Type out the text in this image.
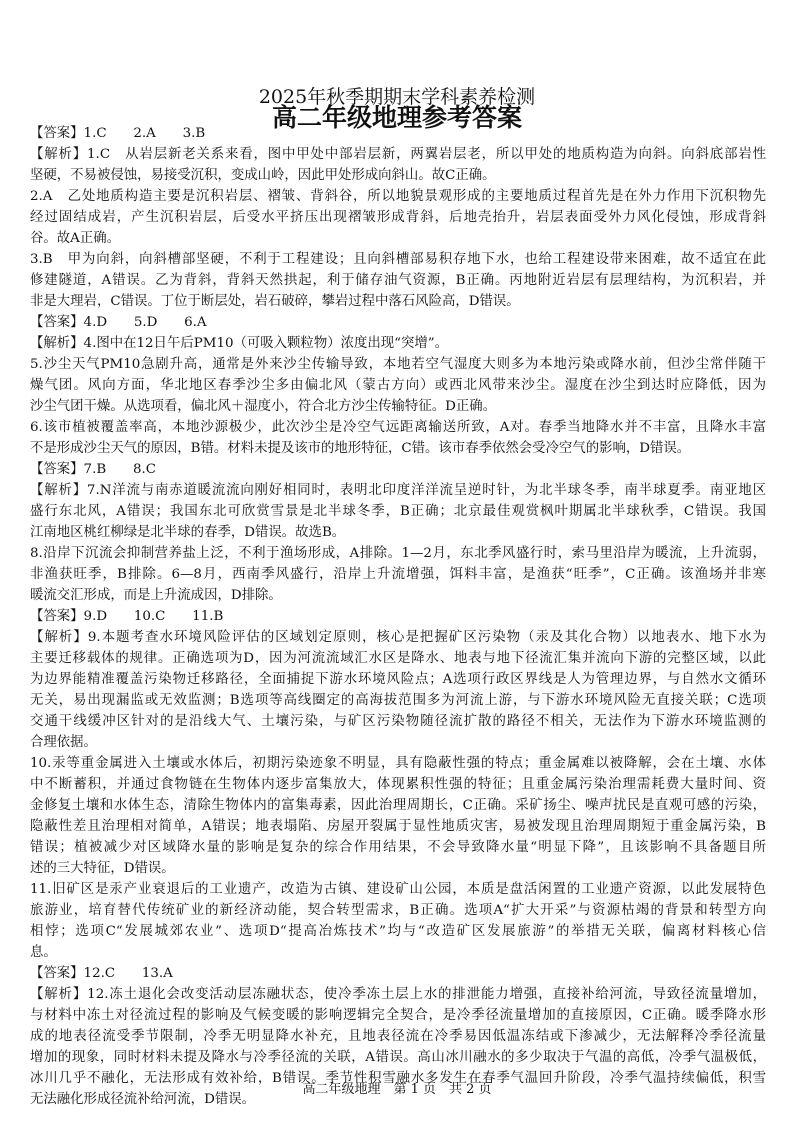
2025年秋季期期末学科素养检测
高二年级地理参考答案
【答案】1.C　　2.A　　3.B
【解析】1.C　从岩层新老关系来看，图中甲处中部岩层新，两翼岩层老，所以甲处的地质构造为向斜。向斜底部岩性
坚硬，不易被侵蚀，易接受沉积，变成山岭，因此甲处形成向斜山。故C正确。
2.A　乙处地质构造主要是沉积岩层、褶皱、背斜谷，所以地貌景观形成的主要地质过程首先是在外力作用下沉积物先
经过固结成岩，产生沉积岩层，后受水平挤压出现褶皱形成背斜，后地壳抬升，岩层表面受外力风化侵蚀，形成背斜
谷。故A正确。
3.B　甲为向斜，向斜槽部坚硬，不利于工程建设；且向斜槽部易积存地下水，也给工程建设带来困难，故不适宜在此
修建隧道，A错误。乙为背斜，背斜天然拱起，利于储存油气资源，B正确。丙地附近岩层有层理结构，为沉积岩，并
非是大理岩，C错误。丁位于断层处，岩石破碎，攀岩过程中落石风险高，D错误。
【答案】4.D　　5.D　　6.A
【解析】4.图中在12日午后PM10（可吸入颗粒物）浓度出现“突增”。
5.沙尘天气PM10急剧升高，通常是外来沙尘传输导致，本地若空气湿度大则多为本地污染或降水前，但沙尘常伴随干
燥气团。风向方面，华北地区春季沙尘多由偏北风（蒙古方向）或西北风带来沙尘。湿度在沙尘到达时应降低，因为
沙尘气团干燥。从选项看，偏北风＋湿度小，符合北方沙尘传输特征。D正确。
6.该市植被覆盖率高，本地沙源极少，此次沙尘是冷空气远距离输送所致，A对。春季当地降水并不丰富，且降水丰富
不是形成沙尘天气的原因，B错。材料未提及该市的地形特征，C错。该市春季依然会受冷空气的影响，D错误。
【答案】7.B　　8.C
【解析】7.N洋流与南赤道暖流流向刚好相同时，表明北印度洋洋流呈逆时针，为北半球冬季，南半球夏季。南亚地区
盛行东北风，A错误；我国东北可欣赏雪景是北半球冬季，B正确；北京最佳观赏枫叶期属北半球秋季，C错误。我国
江南地区桃红柳绿是北半球的春季，D错误。故选B。
8.沿岸下沉流会抑制营养盐上泛，不利于渔场形成，A排除。1—2月，东北季风盛行时，索马里沿岸为暖流，上升流弱，
非渔获旺季，B排除。6—8月，西南季风盛行，沿岸上升流增强，饵料丰富，是渔获“旺季”，C正确。该渔场并非寒
暖流交汇形成，而是上升流成因，D排除。
【答案】9.D　　10.C　　11.B
【解析】9.本题考查水环境风险评估的区域划定原则，核心是把握矿区污染物（汞及其化合物）以地表水、地下水为
主要迁移载体的规律。正确选项为D，因为河流流域汇水区是降水、地表与地下径流汇集并流向下游的完整区域，以此
为边界能精准覆盖污染物迁移路径，全面捕捉下游水环境风险点；A选项行政区界线是人为管理边界，与自然水文循环
无关，易出现漏监或无效监测；B选项等高线圈定的高海拔范围多为河流上游，与下游水环境风险无直接关联；C选项
交通干线缓冲区针对的是沿线大气、土壤污染，与矿区污染物随径流扩散的路径不相关，无法作为下游水环境监测的
合理依据。
10.汞等重金属进入土壤或水体后，初期污染迹象不明显，具有隐蔽性强的特点；重金属难以被降解，会在土壤、水体
中不断蓄积，并通过食物链在生物体内逐步富集放大，体现累积性强的特征；且重金属污染治理需耗费大量时间、资
金修复土壤和水体生态，清除生物体内的富集毒素，因此治理周期长，C正确。采矿扬尘、噪声扰民是直观可感的污染，
隐蔽性差且治理相对简单，A错误；地表塌陷、房屋开裂属于显性地质灾害，易被发现且治理周期短于重金属污染，B
错误；植被减少对区域降水量的影响是复杂的综合作用结果，不会导致降水量“明显下降”，且该影响不具备题目所
述的三大特征，D错误。
11.旧矿区是汞产业衰退后的工业遗产，改造为古镇、建设矿山公园，本质是盘活闲置的工业遗产资源，以此发展特色
旅游业，培育替代传统矿业的新经济动能，契合转型需求，B正确。选项A“扩大开采”与资源枯竭的背景和转型方向
相悖；选项C“发展城郊农业”、选项D“提高冶炼技术”均与“改造矿区发展旅游”的举措无关联，偏离材料核心信
息。
【答案】12.C　　13.A
【解析】12.冻土退化会改变活动层冻融状态，使冷季冻土层上水的排泄能力增强，直接补给河流，导致径流量增加，
与材料中冻土对径流过程的影响及气候变暖的影响逻辑完全契合，是冷季径流量增加的直接原因，C正确。暖季降水形
成的地表径流受季节限制，冷季无明显降水补充，且地表径流在冷季易因低温冻结或下渗减少，无法解释冷季径流量
增加的现象，同时材料未提及降水与冷季径流的关联，A错误。高山冰川融水的多少取决于气温的高低，冷季气温极低，
冰川几乎不融化，无法形成有效补给，B错误。季节性积雪融水多发生在春季气温回升阶段，冷季气温持续偏低，积雪
无法融化形成径流补给河流，D错误。
高二年级地理　第 1 页　共 2 页
